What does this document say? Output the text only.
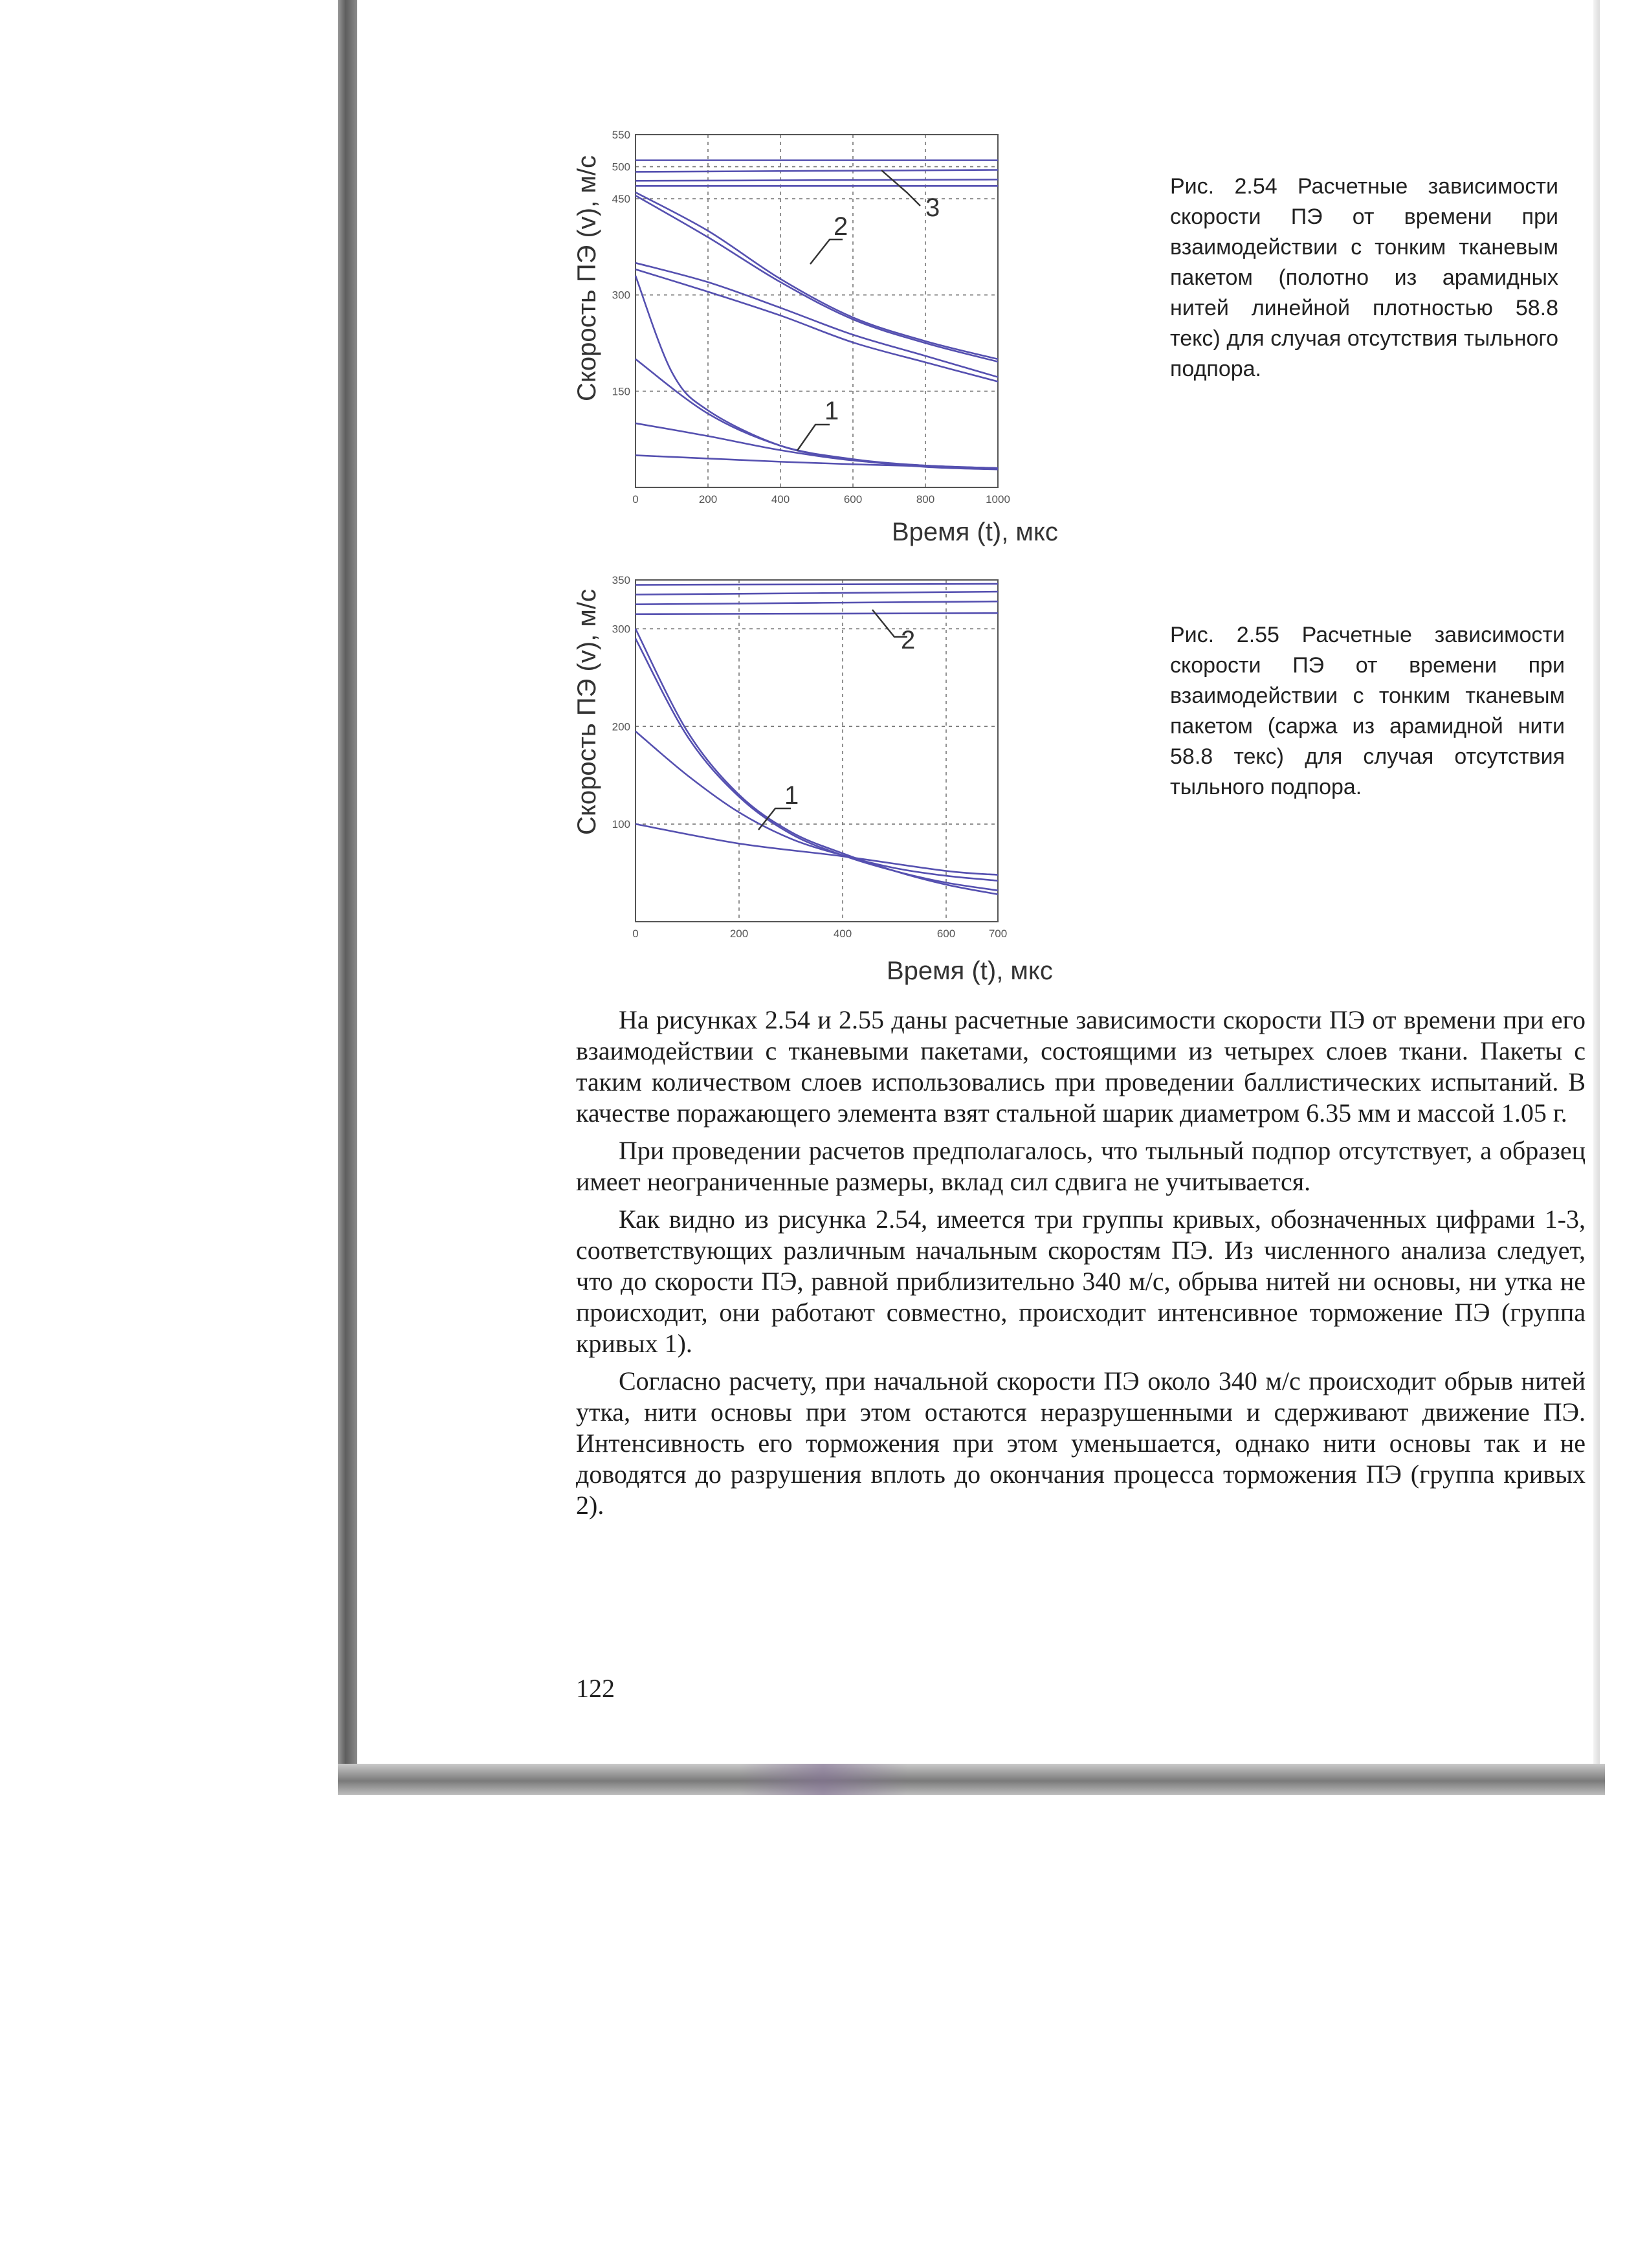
0	200	400	600	800	1000
150
300
450
500
550
1
2
3
Скорость ПЭ (v), м/с
Время (t), мкс
Рис. 2.54 Расчетные зависимости скорости ПЭ от времени при взаимодействии с тонким тканевым пакетом (полотно из арамидных нитей линейной плотностью 58.8 текс) для случая отсутствия тыльного подпора.
0	200	400	600	700
100
200
300
350
1
2
Скорость ПЭ (v), м/с
Время (t), мкс
Рис. 2.55 Расчетные зависимости скорости ПЭ от времени при взаимодействии с тонким тканевым пакетом (саржа из арамидной нити 58.8 текс) для случая отсутствия тыльного подпора.

На рисунках 2.54 и 2.55 даны расчетные зависимости скорости ПЭ от времени при его взаимодействии с тканевыми пакетами, состоящими из четырех слоев ткани. Пакеты с таким количеством слоев использовались при проведении баллистических испытаний. В качестве поражающего элемента взят стальной шарик диаметром 6.35 мм и массой 1.05 г.

При проведении расчетов предполагалось, что тыльный подпор отсутствует, а образец имеет неограниченные размеры, вклад сил сдвига не учитывается.

Как видно из рисунка 2.54, имеется три группы кривых, обозначенных цифрами 1-3, соответствующих различным начальным скоростям ПЭ. Из численного анализа следует, что до скорости ПЭ, равной приблизительно 340 м/с, обрыва нитей ни основы, ни утка не происходит, они работают совместно, происходит интенсивное торможение ПЭ (группа кривых 1).

Согласно расчету, при начальной скорости ПЭ около 340 м/с происходит обрыв нитей утка, нити основы при этом остаются неразрушенными и сдерживают движение ПЭ. Интенсивность его торможения при этом уменьшается, однако нити основы так и не доводятся до разрушения вплоть до окончания процесса торможения ПЭ (группа кривых 2).

122
